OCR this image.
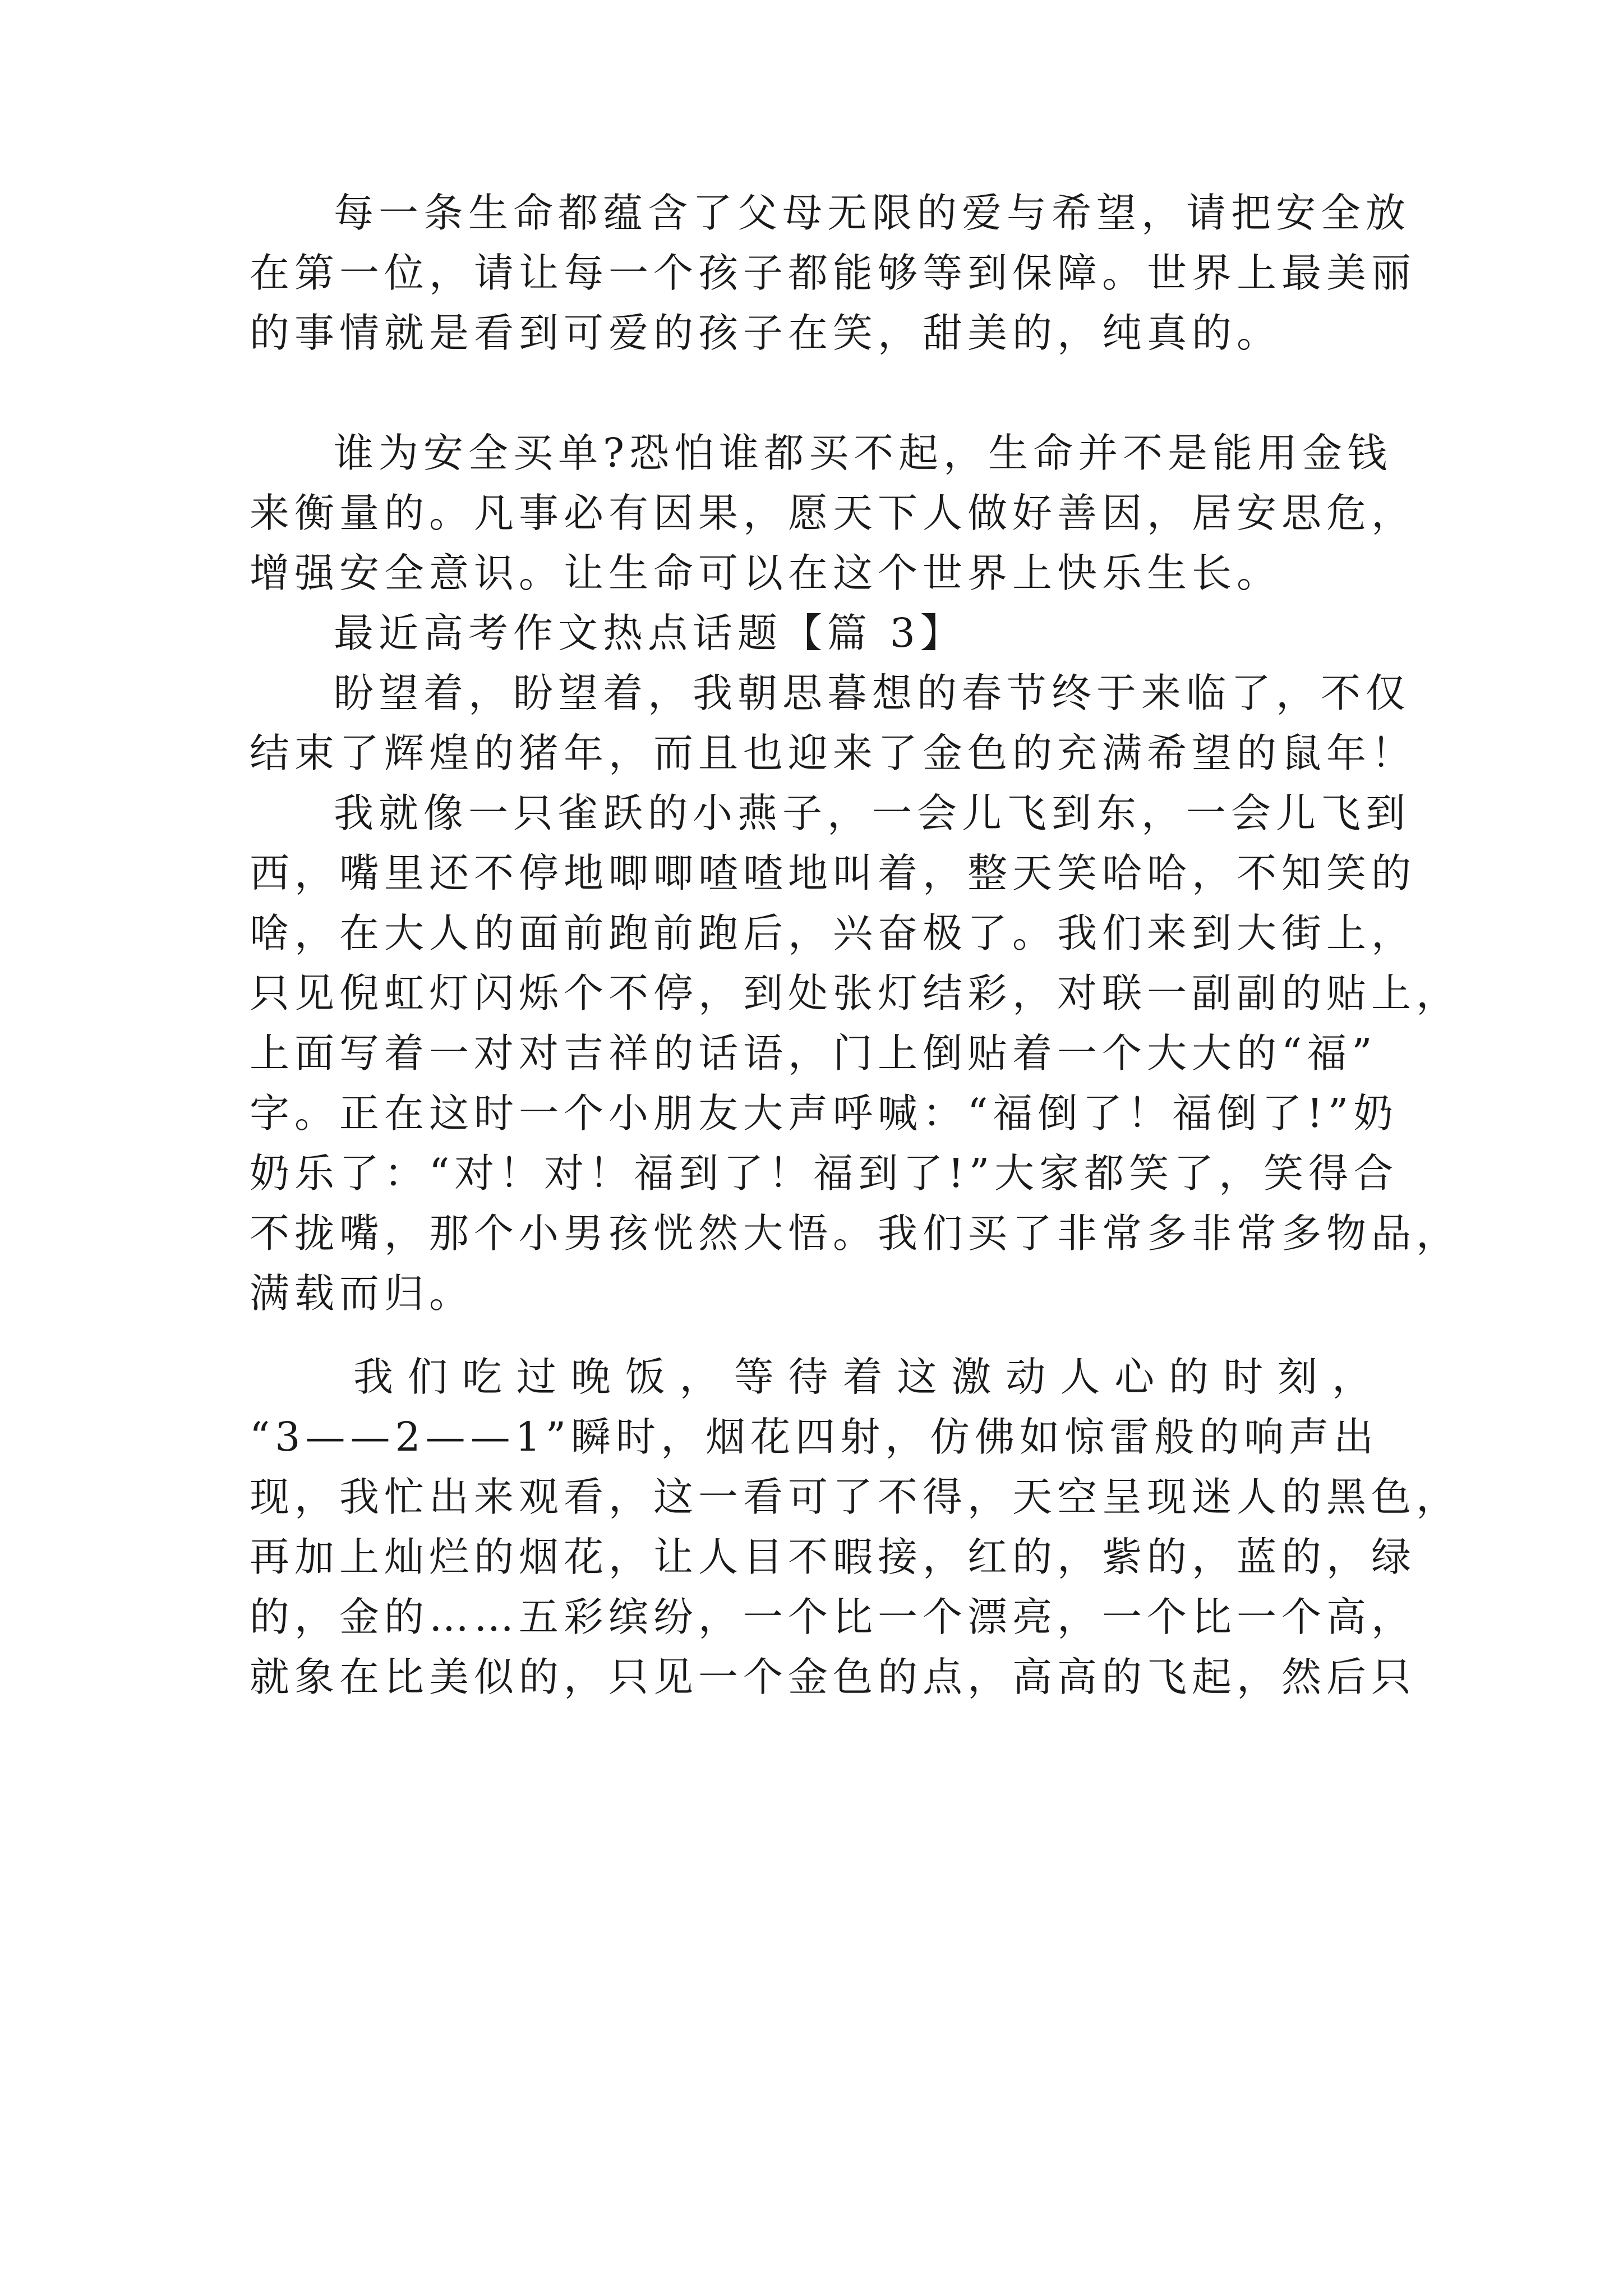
每一条生命都蕴含了父母无限的爱与希望，请把安全放
在第一位，请让每一个孩子都能够等到保障。世界上最美丽
的事情就是看到可爱的孩子在笑，甜美的，纯真的。
谁为安全买单?恐怕谁都买不起，生命并不是能用金钱
来衡量的。凡事必有因果，愿天下人做好善因，居安思危，
增强安全意识。让生命可以在这个世界上快乐生长。
最近高考作文热点话题【篇 3】
盼望着，盼望着，我朝思暮想的春节终于来临了，不仅
结束了辉煌的猪年，而且也迎来了金色的充满希望的鼠年！
我就像一只雀跃的小燕子，一会儿飞到东，一会儿飞到
西，嘴里还不停地唧唧喳喳地叫着，整天笑哈哈，不知笑的
啥，在大人的面前跑前跑后，兴奋极了。我们来到大街上，
只见倪虹灯闪烁个不停，到处张灯结彩，对联一副副的贴上，
上面写着一对对吉祥的话语，门上倒贴着一个大大的“福”
字。正在这时一个小朋友大声呼喊：“福倒了！福倒了!”奶
奶乐了：“对！对！福到了！福到了!”大家都笑了，笑得合
不拢嘴，那个小男孩恍然大悟。我们买了非常多非常多物品，
满载而归。
我们吃过晚饭，等待着这激动人心的时刻，
“3——2——1”瞬时，烟花四射，仿佛如惊雷般的响声出
现，我忙出来观看，这一看可了不得，天空呈现迷人的黑色，
再加上灿烂的烟花，让人目不暇接，红的，紫的，蓝的，绿
的，金的……五彩缤纷，一个比一个漂亮，一个比一个高，
就象在比美似的，只见一个金色的点，高高的飞起，然后只
